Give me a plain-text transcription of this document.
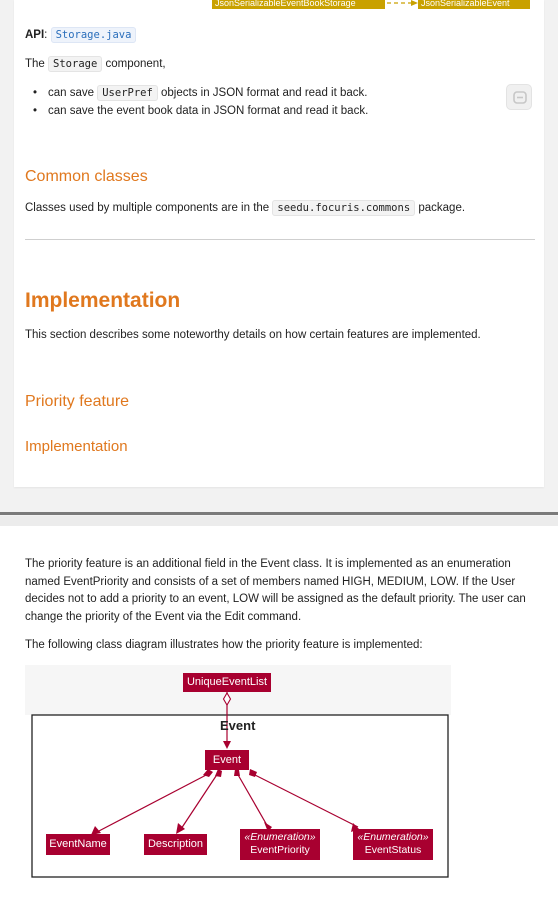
JsonSerializableEventBookStorage	JsonSerializableEvent
API: Storage.java
The Storage component,
• can save UserPref objects in JSON format and read it back.
• can save the event book data in JSON format and read it back.
Common classes
Classes used by multiple components are in the seedu.focuris.commons package.
Implementation
This section describes some noteworthy details on how certain features are implemented.
Priority feature
Implementation
The priority feature is an additional field in the Event class. It is implemented as an enumeration named EventPriority and consists of a set of members named HIGH, MEDIUM, LOW. If the User decides not to add a priority to an event, LOW will be assigned as the default priority. The user can change the priority of the Event via the Edit command.
The following class diagram illustrates how the priority feature is implemented:
UniqueEventList
Event
Event
EventName	Description
«Enumeration»
EventPriority
«Enumeration»
EventStatus
